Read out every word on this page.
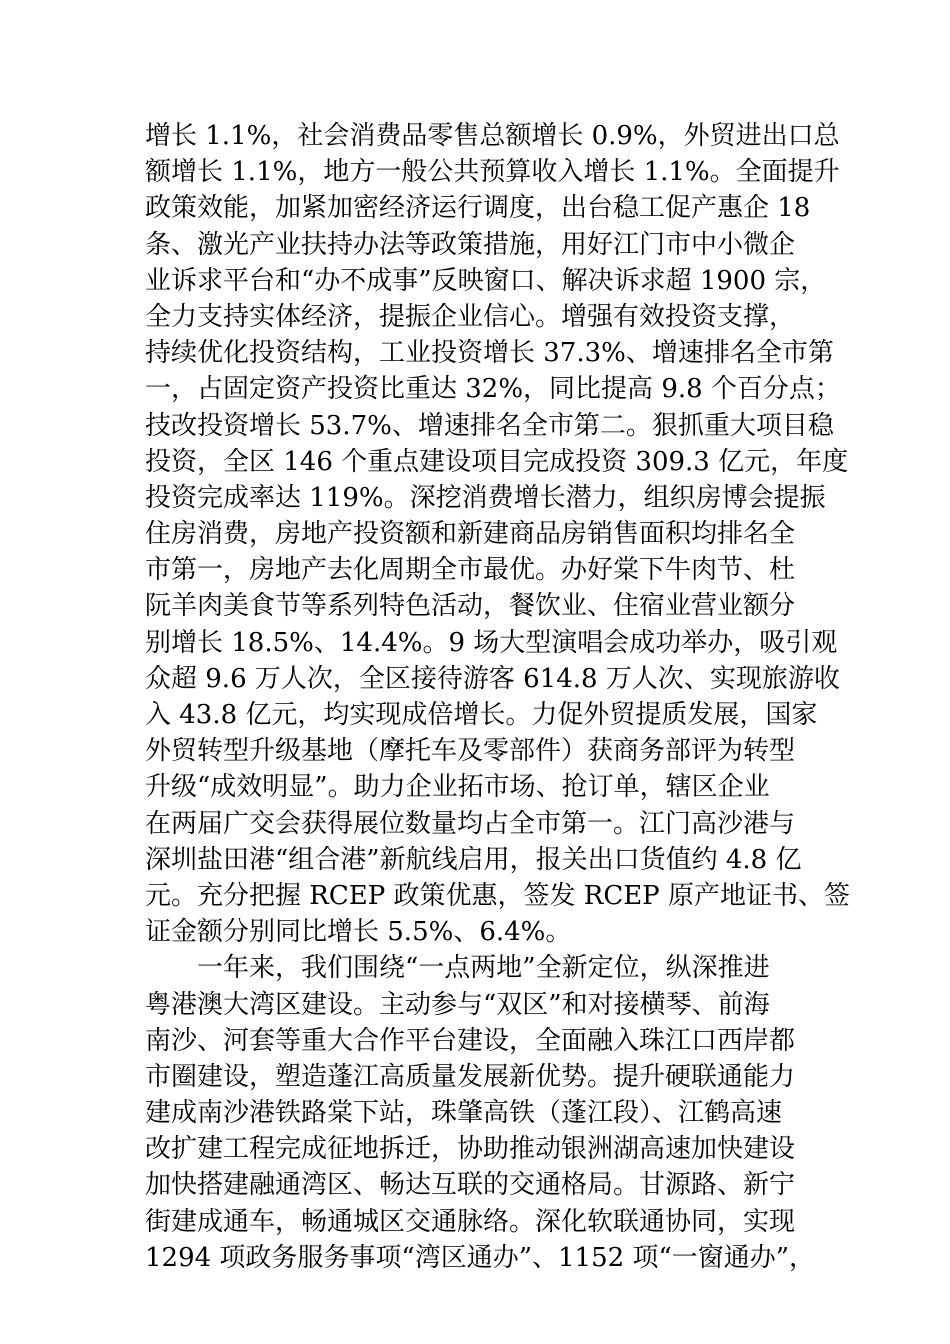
增长 1.1%，社会消费品零售总额增长 0.9%，外贸进出口总
额增长 1.1%，地方一般公共预算收入增长 1.1%。全面提升
政策效能，加紧加密经济运行调度，出台稳工促产惠企 18
条、激光产业扶持办法等政策措施，用好江门市中小微企
业诉求平台和“办不成事”反映窗口、解决诉求超 1900 宗，
全力支持实体经济，提振企业信心。增强有效投资支撑，
持续优化投资结构，工业投资增长 37.3%、增速排名全市第
一，占固定资产投资比重达 32%，同比提高 9.8 个百分点；
技改投资增长 53.7%、增速排名全市第二。狠抓重大项目稳
投资，全区 146 个重点建设项目完成投资 309.3 亿元，年度
投资完成率达 119%。深挖消费增长潜力，组织房博会提振
住房消费，房地产投资额和新建商品房销售面积均排名全
市第一，房地产去化周期全市最优。办好棠下牛肉节、杜
阮羊肉美食节等系列特色活动，餐饮业、住宿业营业额分
别增长 18.5%、14.4%。9 场大型演唱会成功举办，吸引观
众超 9.6 万人次，全区接待游客 614.8 万人次、实现旅游收
入 43.8 亿元，均实现成倍增长。力促外贸提质发展，国家
外贸转型升级基地（摩托车及零部件）获商务部评为转型
升级“成效明显”。助力企业拓市场、抢订单，辖区企业
在两届广交会获得展位数量均占全市第一。江门高沙港与
深圳盐田港“组合港”新航线启用，报关出口货值约 4.8 亿
元。充分把握 RCEP 政策优惠，签发 RCEP 原产地证书、签
证金额分别同比增长 5.5%、6.4%。
一年来，我们围绕“一点两地”全新定位，纵深推进
粤港澳大湾区建设。主动参与“双区”和对接横琴、前海
南沙、河套等重大合作平台建设，全面融入珠江口西岸都
市圈建设，塑造蓬江高质量发展新优势。提升硬联通能力
建成南沙港铁路棠下站，珠肇高铁（蓬江段）、江鹤高速
改扩建工程完成征地拆迁，协助推动银洲湖高速加快建设
加快搭建融通湾区、畅达互联的交通格局。甘源路、新宁
街建成通车，畅通城区交通脉络。深化软联通协同，实现
1294 项政务服务事项“湾区通办”、1152 项“一窗通办”，
